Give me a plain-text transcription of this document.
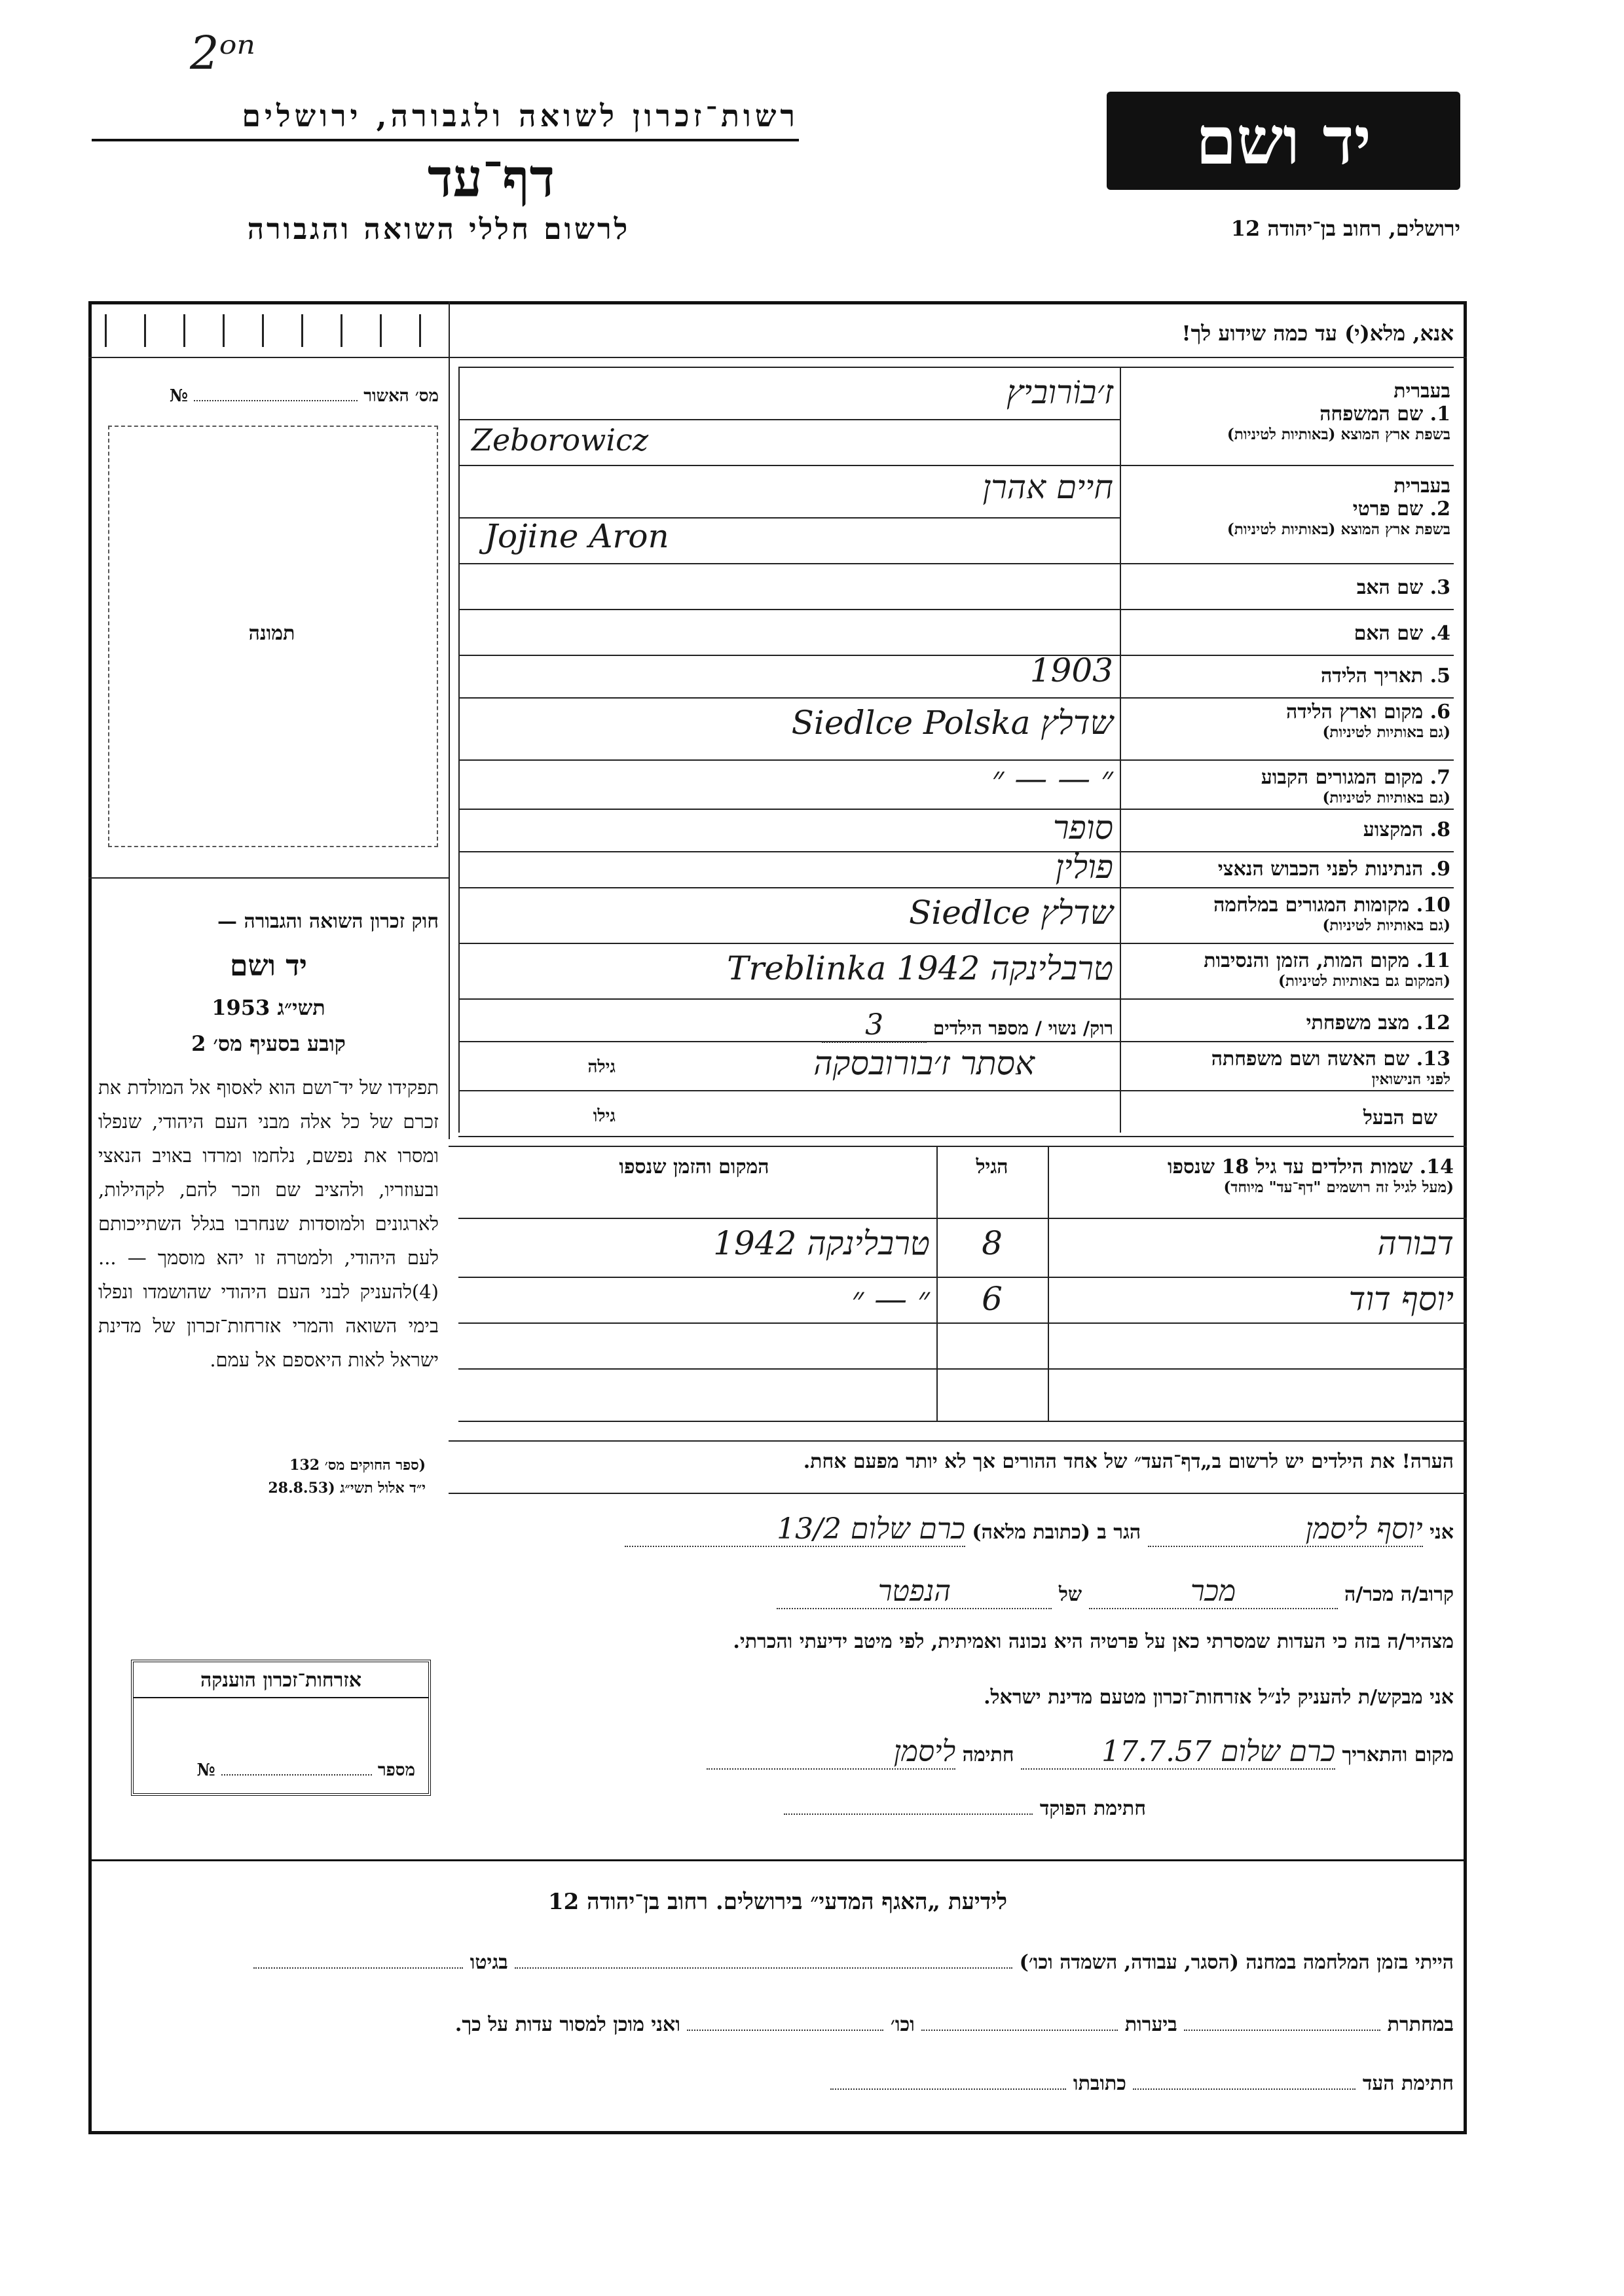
2ᵒⁿ
רשות־זכרון לשואה ולגבורה, ירושלים
דף־עד
לרשום חללי השואה והגבורה
יד ושם
ירושלים, רחוב בן־יהודה 12
מס׳ האשור  №
תמונה
חוק זכרון השואה והגבורה —
יד ושם
תשי״ג 1953
קובע בסעיף מס׳ 2
תפקידו של יד־ושם הוא לאסוף אל המולדת את זכרם של כל אלה מבני העם היהודי, שנפלו ומסרו את נפשם, נלחמו ומרדו באויב הנאצי ובעוזריו, ולהציב שם וזכר להם, לקהילות, לארגונים ולמוסדות שנחרבו בגלל השתייכותם לעם היהודי, ולמטרה זו יהא מוסמך — ...(4)להעניק לבני העם היהודי שהושמדו ונפלו בימי השואה והמרי אזרחות־זכרון של מדינת ישראל לאות היאספם אל עמם.
(ספר החוקים מס׳ 132
י״ד אלול תשי״ג (28.8.53
אזרחות־זכרון הוענקה
מספר  №
אנא, מלא(י) עד כמה שידוע לך!
בעברית
1. שם המשפחה
בשפת ארץ המוצא (באותיות לטיניות)
ז׳בוֹרוביץ
Zeborowicz
בעברית
2. שם פרטי
בשפת ארץ המוצא (באותיות לטיניות)
חיים אהרן
Jojine Aron
3. שם האב
4. שם האם
5. תאריך הלידה
1903
6. מקום וארץ הלידה
(גם באותיות לטיניות)
שדלץ Siedlce Polska
7. מקום המגורים הקבוע
(גם באותיות לטיניות)
״ — — ״
8. המקצוע
סופר
9. הנתינות לפני הכבוש הנאצי
פולין
10. מקומות המגורים במלחמה
(גם באותיות לטיניות)
שדלץ Siedlce
11. מקום המות, הזמן והנסיבות
(המקום גם באותיות לטיניות)
טרבלינקה 1942 Treblinka
12. מצב משפחתי
רוק/ נשוי / מספר הילדים 3
13. שם האשה ושם משפחתה
לפני הנישואין
אסתר ז׳בורובסקה
גילה
שם הבעל
גילו
14. שמות הילדים עד גיל 18 שנספו
(מעל לגיל זה רושמים "דף־עד" מיוחד)
הגיל
המקום והזמן שנספו
דבורה
8
טרבלינקה 1942
יוסף דוד
6
״ — ״
הערה! את הילדים יש לרשום ב„דף־העד״ של אחד ההורים אך לא יותר מפעם אחת.
אני יוסף ליסמן הגר ב (כתובת מלאה) כרם שלום 13/2
קרוב/ה מכר/ה מכר של הנפטר
מצהיר/ה בזה כי העדות שמסרתי כאן על פרטיה היא נכונה ואמיתית, לפי מיטב ידיעתי והכרתי.
אני מבקש/ת להעניק לנ״ל אזרחות־זכרון מטעם מדינת ישראל.
מקום והתאריך כרם שלום 17.7.57 חתימה ליסמן
חתימת הפוקד
לידיעת „האגף המדעי״ בירושלים. רחוב בן־יהודה 12
הייתי בזמן המלחמה במחנה (הסגר, עבודה, השמדה וכו׳)  בגיטו
במחתרת  ביערות  וכו׳  ואני מוכן למסור עדות על כך.
חתימת העד  כתובתו
